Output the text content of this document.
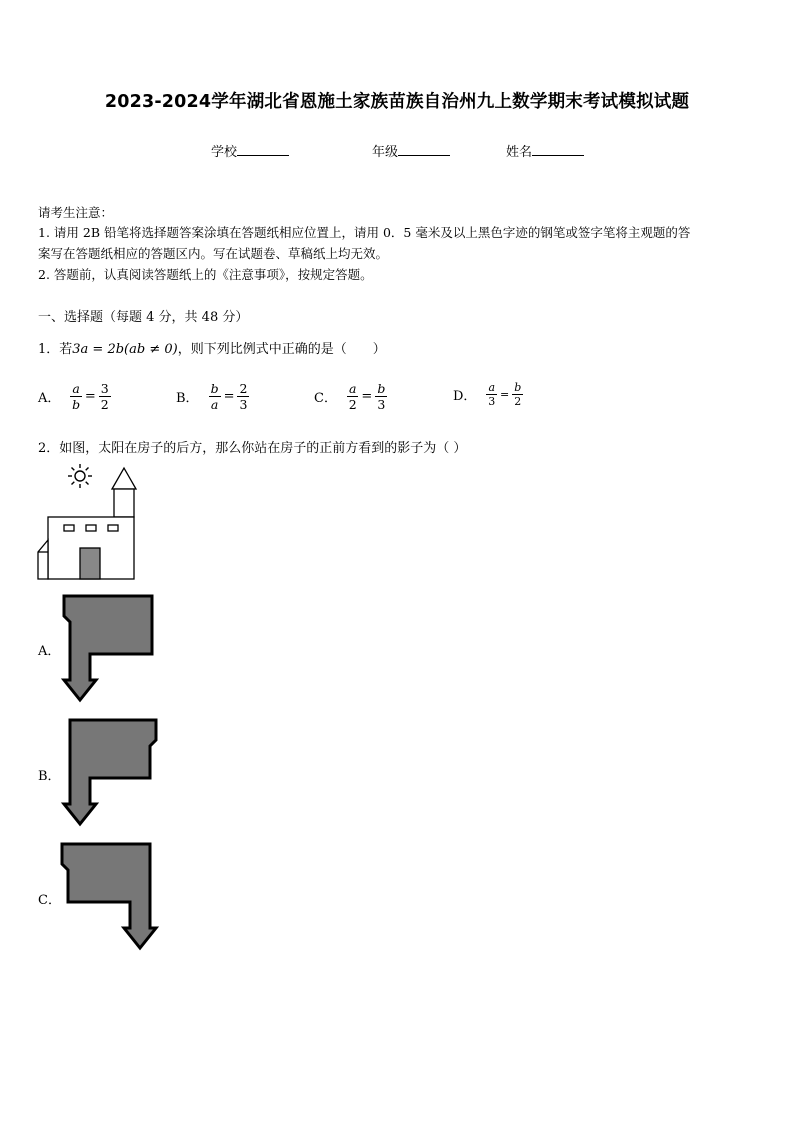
2023-2024学年湖北省恩施土家族苗族自治州九上数学期末考试模拟试题
学校	年级	姓名
请考生注意：
1. 请用 2B 铅笔将选择题答案涂填在答题纸相应位置上，请用 0．5 毫米及以上黑色字迹的钢笔或签字笔将主观题的答
案写在答题纸相应的答题区内。写在试题卷、草稿纸上均无效。
2. 答题前，认真阅读答题纸上的《注意事项》，按规定答题。
一、选择题（每题 4 分，共 48 分）
1．若3a = 2b(ab ≠ 0)，则下列比例式中正确的是（　　）
A． $\frac{a}{b} = \frac{3}{2}$	B． $\frac{b}{a} = \frac{2}{3}$	C． $\frac{a}{2} = \frac{b}{3}$	D． $\frac{a}{3} = \frac{b}{2}$
2．如图，太阳在房子的后方，那么你站在房子的正前方看到的影子为（ ）
A．
B．
C．
